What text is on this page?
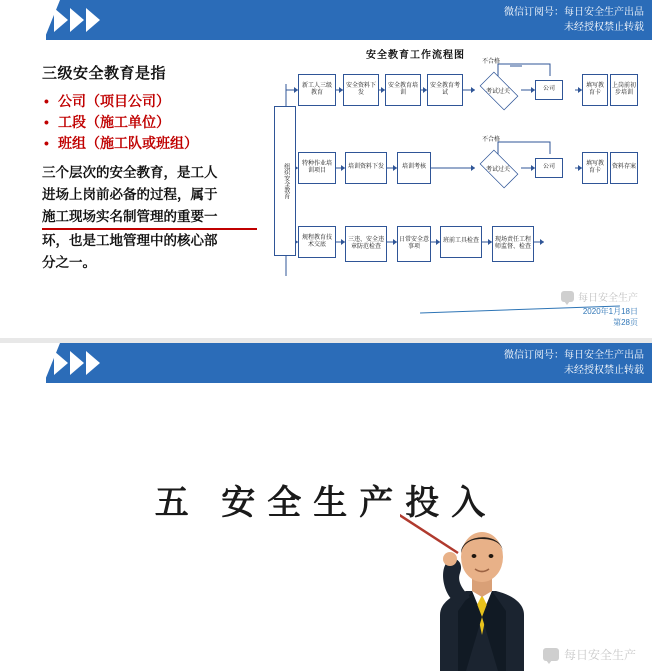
微信订阅号：每日安全生产出品
未经授权禁止转载
三级安全教育是指
• 公司（项目公司）
• 工段（施工单位）
• 班组（施工队或班组）
三个层次的安全教育，是工人
进场上岗前必备的过程，属于
施工现场实名制管理的重要一
环，也是工地管理中的核心部
分之一。
安全教育工作流程图
组织安全教育
新工人三级教育
安全资料下发
安全教育培训
安全教育考试	考试过关
不合格
公司
填写教育卡
上岗前初步培训
特种作业培训项目
培训资料下发	培训考核	考试过关
不合格
公司
填写教育卡
资料存案
规程教育技术交底
三违、安全违章防范检查
日常安全意事项
班前工具检查	现场责任工程师监督、检查
每日安全生产
2020年1月18日
第28页
微信订阅号：每日安全生产出品
未经授权禁止转载
五 安全生产投入
每日安全生产
